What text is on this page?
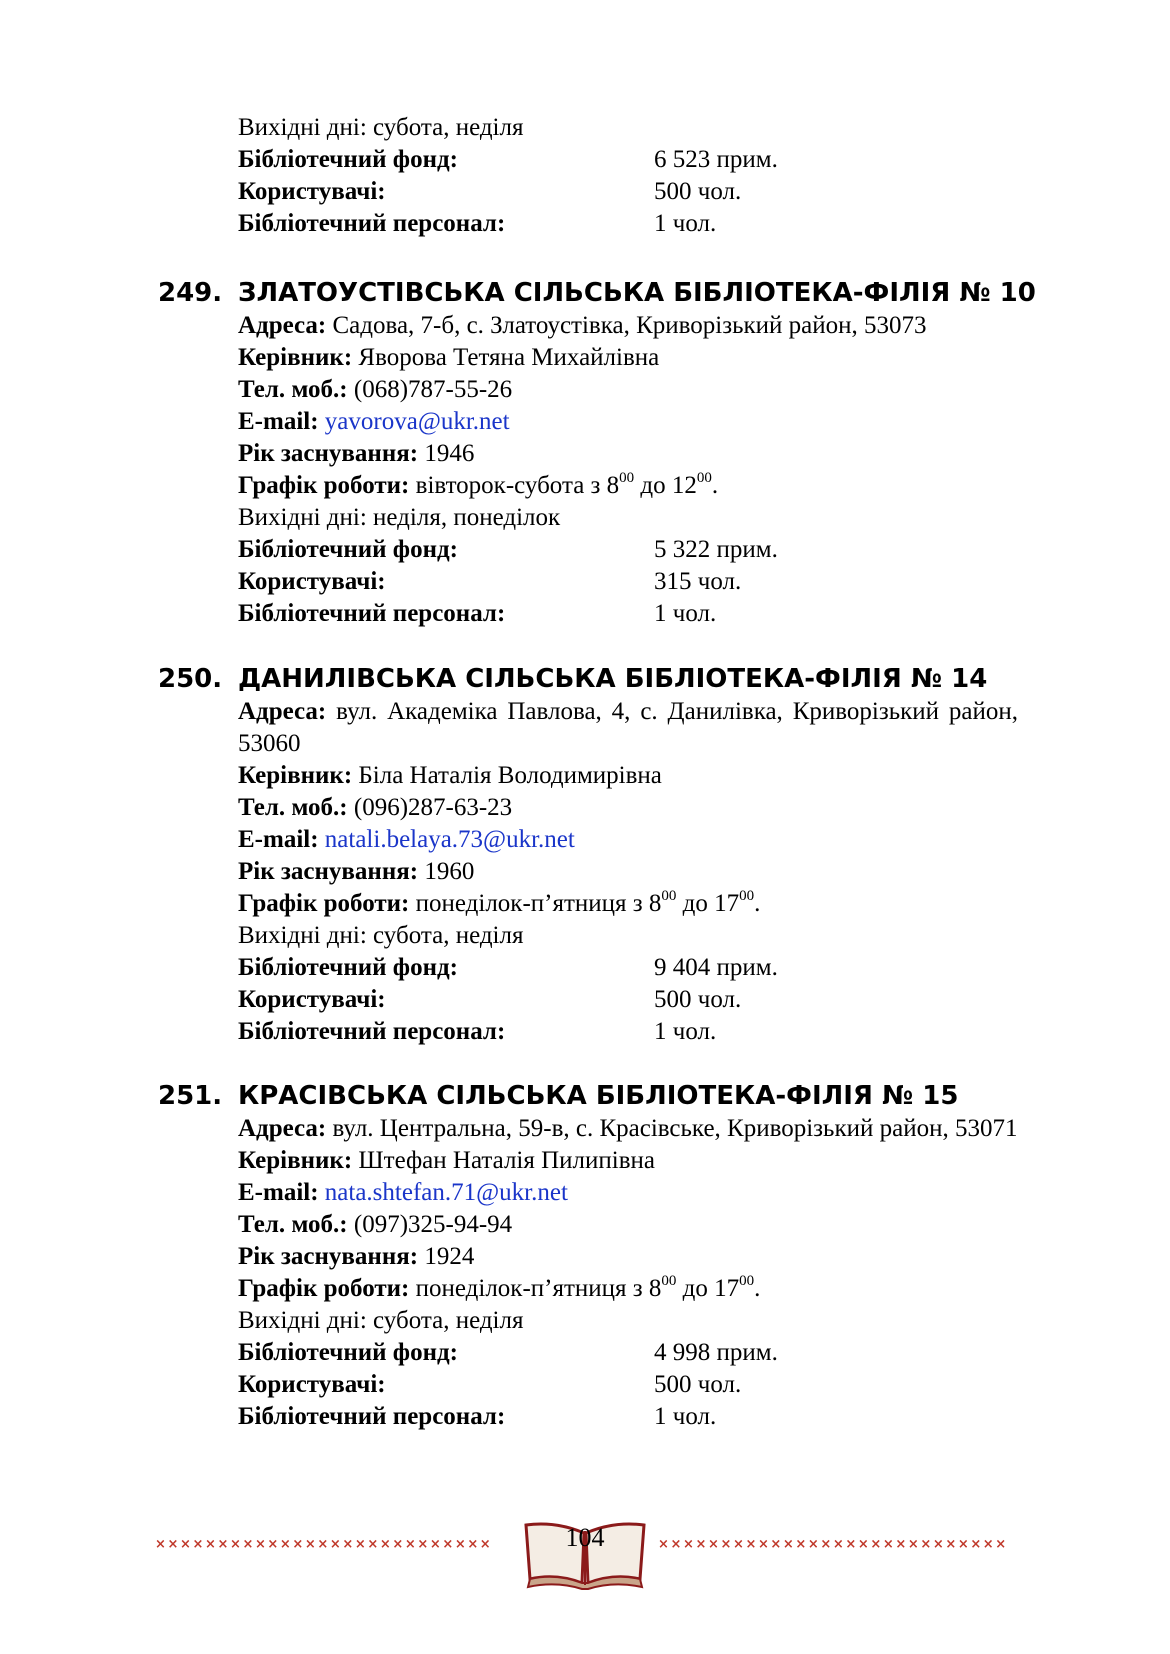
Вихідні дні: субота, неділя
Бібліотечний фонд:	6 523 прим.
Користувачі:	500 чол.
Бібліотечний персонал:	1 чол.
249. ЗЛАТОУСТІВСЬКА СІЛЬСЬКА БІБЛІОТЕКА-ФІЛІЯ № 10
Адреса: Садова, 7-б, с. Златоустівка, Криворізький район, 53073
Керівник: Яворова Тетяна Михайлівна
Тел. моб.: (068)787-55-26
E-mail: yavorova@ukr.net
Рік заснування: 1946
Графік роботи: вівторок-субота з $8^{00}$ до $12^{00}$.
Вихідні дні: неділя, понеділок
Бібліотечний фонд:	5 322 прим.
Користувачі:	315 чол.
Бібліотечний персонал:	1 чол.
250. ДАНИЛІВСЬКА СІЛЬСЬКА БІБЛІОТЕКА-ФІЛІЯ № 14
Адреса: вул. Академіка Павлова, 4, с. Данилівка, Криворізький район, 53060
Керівник: Біла Наталія Володимирівна
Тел. моб.: (096)287-63-23
E-mail: natali.belaya.73@ukr.net
Рік заснування: 1960
Графік роботи: понеділок-п’ятниця з $8^{00}$ до $17^{00}$.
Вихідні дні: субота, неділя
Бібліотечний фонд:	9 404 прим.
Користувачі:	500 чол.
Бібліотечний персонал:	1 чол.
251. КРАСІВСЬКА СІЛЬСЬКА БІБЛІОТЕКА-ФІЛІЯ № 15
Адреса: вул. Центральна, 59-в, с. Красівське, Криворізький район, 53071
Керівник: Штефан Наталія Пилипівна
E-mail: nata.shtefan.71@ukr.net
Тел. моб.: (097)325-94-94
Рік заснування: 1924
Графік роботи: понеділок-п’ятниця з $8^{00}$ до $17^{00}$.
Вихідні дні: субота, неділя
Бібліотечний фонд:	4 998 прим.
Користувачі:	500 чол.
Бібліотечний персонал:	1 чол.
×××××××××××××××××××××××××××	104	××××××××××××××××××××××××××××
